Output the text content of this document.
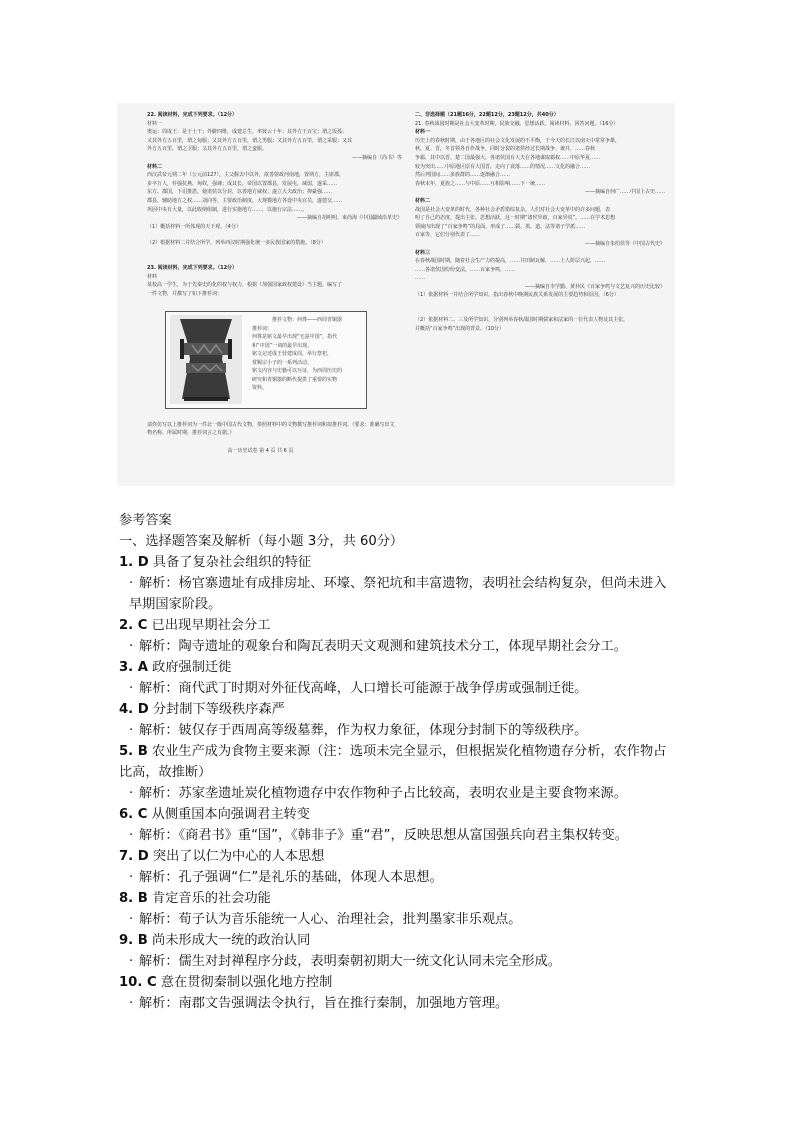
22. 阅读材料，完成下列要求。（12分）
材料一
奥运：周成王：是于士干；外僻四维，成建总生，率彼云十年；其外方王百宝；谓之饭孤；
又其外方五百里，谓之甸服；又其外方五百里，谓之男服；又其外方五百里，谓之采服；又其
外方五百里，谓之卫服；又其外方五百里，谓之蛮服。
——摘编自《尚书》等
材料二
西汉武帝元朔二年（公元前127），主父偃去中以外，欲善射政河南地，置朔方，主席郡，
步卒万人，荐强抗燕、匈奴，强谏；成其长，帝国以置郡县，发展屯，减弱，遂采……
东方、郡国，下诏推恩，使诸侯以分封，以善地方威权；遂立大夫政治；抑豪强……
郡县，辅助地方之权……刘向等，主要政治制度，大规模地方各设中央官员，遂建交……
巩固中央有大量，以此收纳组制，进行实施地方……，以施行宗法……。
——摘编自胡明明、束尚海《中国疆域沿革史》
（1）概括材料一所体现的天下观。（4分）
（2）根据材料二并结合所学，列举西汉时期强化统一多民族国家的措施。（8分）
23. 阅读材料，完成下列要求。（12分）
材料
某校高一学生，为于先秦史的化的权与权力，根据《加强国家政权建设》当主题，编写了
一件文物，并撰写了如下推荐词：
推荐文物：何尊——西周青铜器
推荐词：
何尊是铭文最早出现“宅兹中国”，指代
和“中国”一词的最早出现。
铭文记述成王营建成周，举行祭祀，
赏赐宗小子的一系列活动。
铭文内容与史籍可以互证，为西周历史的
研究和青铜器的断代提供了重要的实物
资料。
请你仿写以上推荐词为一件北一级中国古代文物，参照材料中的文物撰写推荐词和拟推荐词。（要求：准确写出文物名称、所属时期，推荐词言之有据。）
高一历史试卷 第 4 页 共 6 页
二、非选择题（21题16分，22题12分，23题12分，共40分）
21. 春秋战国时期是社会大变革时期，民族交融、思想活跃。阅读材料，回答问题。（16分）
材料一
历史上的春秋时期，由于各地区的社会文化发展的不平衡，于今天的长江以南天中常常争雄，
秋、夏、晋，冬首领各自作战争，同时分裂的诸侯经过长期战争、兼并，……春秋
争霸，其中以晋、楚二国最强大，各诸侯国有大夫在各地谋取霸权……中原华夏……
较为突出……中原地区原有大国晋，走向了衰落……的情况……文化的融合……
然后列国间……多族群的……逐渐融合……
春秋末年，夏族之……与中原……互相影响……下一统……
——摘编自何广……中国上古史……
材料二
战国是社会大变革的时代，各种社会矛盾错综复杂。人们对社会大变革中的许多问题，表
明了自己的态度、提出主张。思想活跃，这一时期“诸侯异政，百家异说”。……在学术思想
领域内出现了“百家争鸣”的局面，形成了……儒、墨、道、法等诸子学派……
百家等，它们分别代表了……
——摘编自朱绍侯等《中国古代史》
材料三
在春秋战国时期，随着社会生产力的提高，……井田制瓦解，……士人阶层兴起，……
……各诸侯国纷纷变法，……百家争鸣，……
……
——摘编自李学勤、黄朴民《百家争鸣与文艺复兴的历史比较》
（1）依据材料一并结合所学知识，指出春秋中晚期民族关系发展的主要趋势和原因。（6分）
（2）依据材料二、三及所学知识，分别列举春秋战国时期儒家和法家的一位代表人物及其主张，
并概括“百家争鸣”出现的背景。（10分）

参考答案

一、选择题答案及解析（每小题 3分，共 60分）

1. D 具备了复杂社会组织的特征

· 解析：杨官寨遗址有成排房址、环壕、祭祀坑和丰富遗物，表明社会结构复杂，但尚未进入早期国家阶段。

2. C 已出现早期社会分工

· 解析：陶寺遗址的观象台和陶瓦表明天文观测和建筑技术分工，体现早期社会分工。

3. A 政府强制迁徙

· 解析：商代武丁时期对外征伐高峰，人口增长可能源于战争俘虏或强制迁徙。

4. D 分封制下等级秩序森严

· 解析：铍仅存于西周高等级墓葬，作为权力象征，体现分封制下的等级秩序。

5. B 农业生产成为食物主要来源（注：选项未完全显示，但根据炭化植物遗存分析，农作物占比高，故推断）

· 解析：苏家垄遗址炭化植物遗存中农作物种子占比较高，表明农业是主要食物来源。

6. C 从侧重国本向强调君主转变

· 解析：《商君书》重“国”，《韩非子》重“君”，反映思想从富国强兵向君主集权转变。

7. D 突出了以仁为中心的人本思想

· 解析：孔子强调“仁”是礼乐的基础，体现人本思想。

8. B 肯定音乐的社会功能

· 解析：荀子认为音乐能统一人心、治理社会，批判墨家非乐观点。

9. B 尚未形成大一统的政治认同

· 解析：儒生对封禅程序分歧，表明秦朝初期大一统文化认同未完全形成。

10. C 意在贯彻秦制以强化地方控制

· 解析：南郡文告强调法令执行，旨在推行秦制，加强地方管理。
